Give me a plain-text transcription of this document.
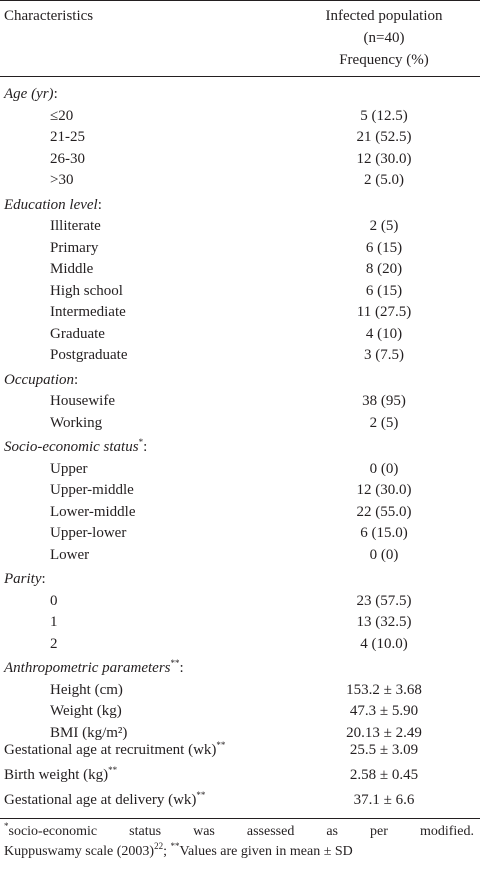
Characteristics	Infected population
(n=40)
Frequency (%)
Age (yr):
≤20	5 (12.5)
21-25	21 (52.5)
26-30	12 (30.0)
>30	2 (5.0)
Education level:
Illiterate	2 (5)
Primary	6 (15)
Middle	8 (20)
High school	6 (15)
Intermediate	11 (27.5)
Graduate	4 (10)
Postgraduate	3 (7.5)
Occupation:
Housewife	38 (95)
Working	2 (5)
Socio-economic status*:
Upper	0 (0)
Upper-middle	12 (30.0)
Lower-middle	22 (55.0)
Upper-lower	6 (15.0)
Lower	0 (0)
Parity:
0	23 (57.5)
1	13 (32.5)
2	4 (10.0)
Anthropometric parameters**:
Height (cm)	153.2 ± 3.68
Weight (kg)	47.3 ± 5.90
BMI (kg/m²)	20.13 ± 2.49
Gestational age at recruitment (wk)**	25.5 ± 3.09
Birth weight (kg)**	2.58 ± 0.45
Gestational age at delivery (wk)**	37.1 ± 6.6
*socio-economic status was assessed as per modified.
Kuppuswamy scale $(2003)^{22}$; **Values are given in mean ± SD
